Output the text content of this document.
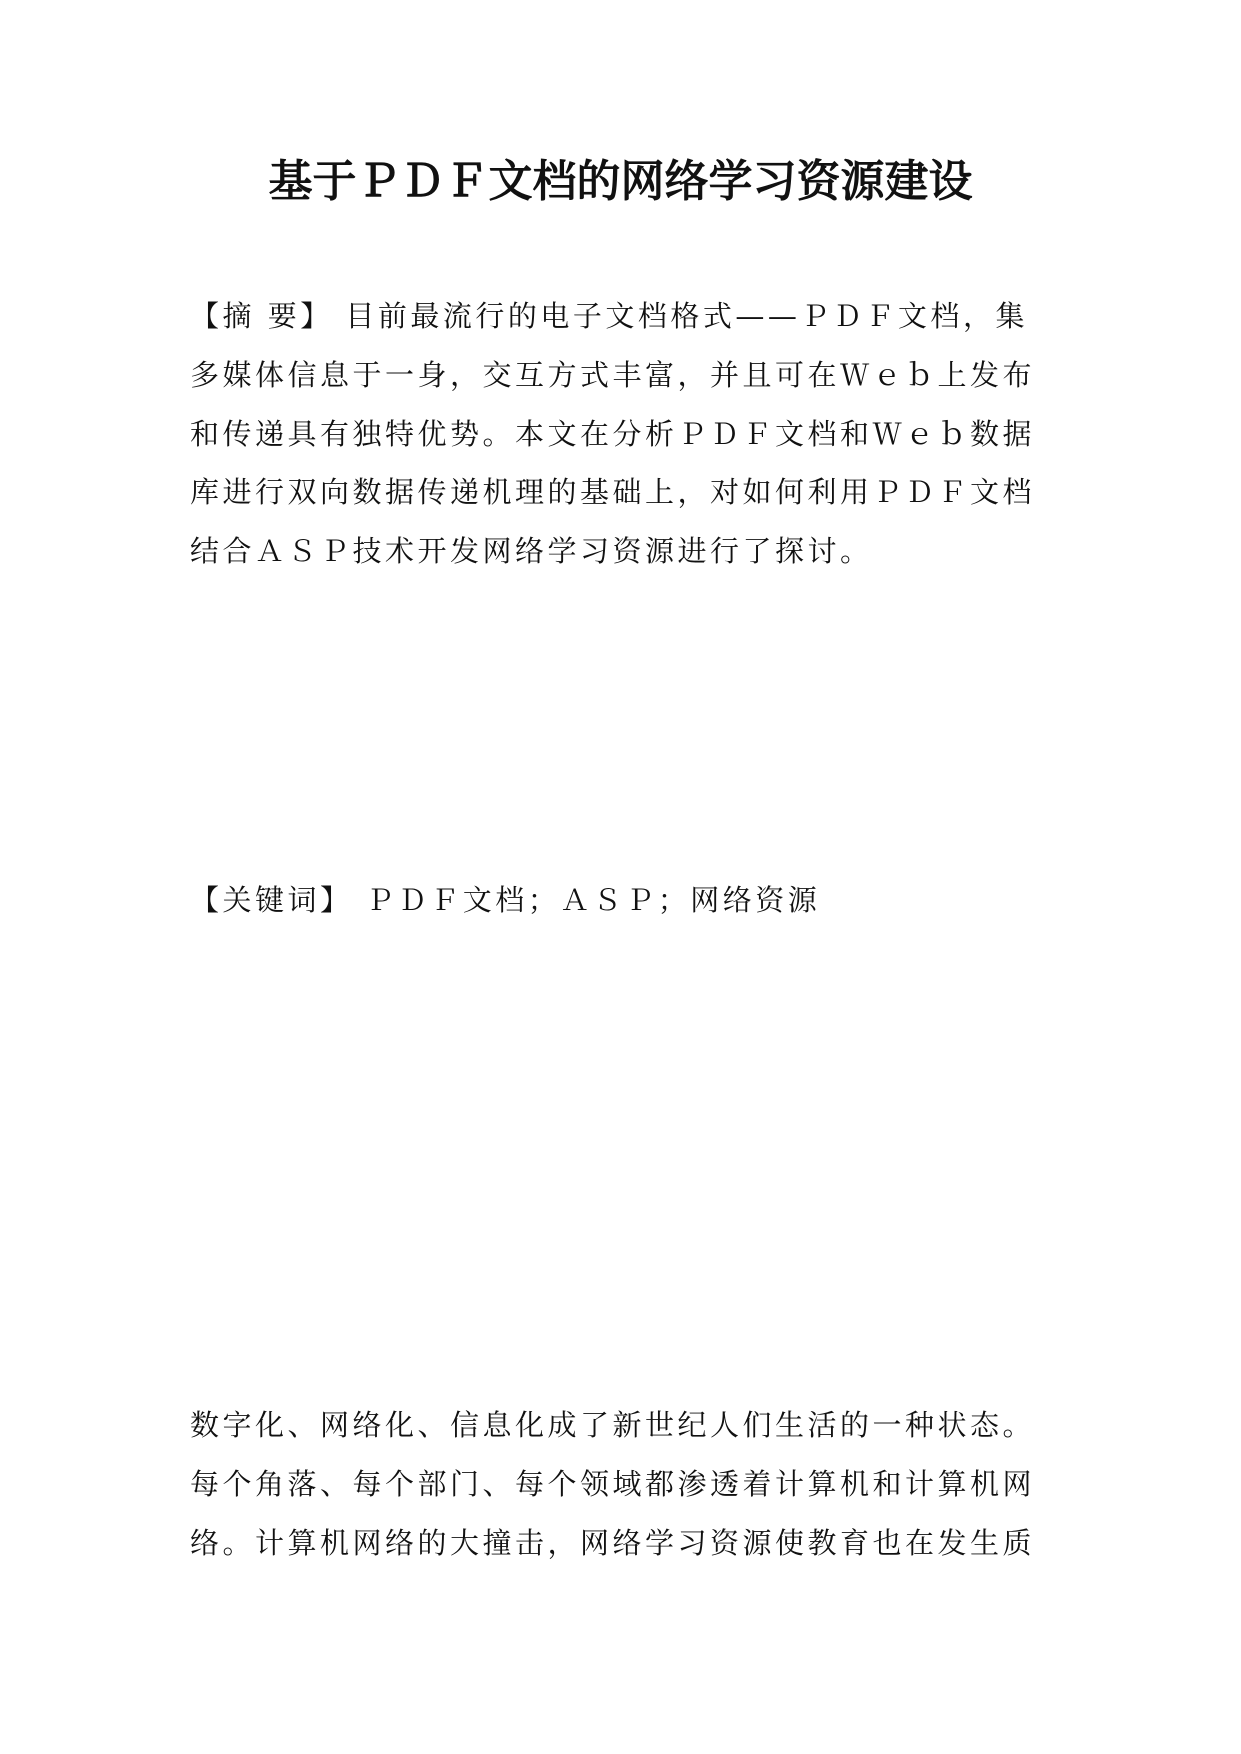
基于ＰＤＦ文档的网络学习资源建设
【摘 要】 目前最流行的电子文档格式——ＰＤＦ文档，集
多媒体信息于一身，交互方式丰富，并且可在Ｗｅｂ上发布
和传递具有独特优势。本文在分析ＰＤＦ文档和Ｗｅｂ数据
库进行双向数据传递机理的基础上，对如何利用ＰＤＦ文档
结合ＡＳＰ技术开发网络学习资源进行了探讨。
【关键词】 ＰＤＦ文档；ＡＳＰ；网络资源
数字化、网络化、信息化成了新世纪人们生活的一种状态。
每个角落、每个部门、每个领域都渗透着计算机和计算机网
络。计算机网络的大撞击，网络学习资源使教育也在发生质
